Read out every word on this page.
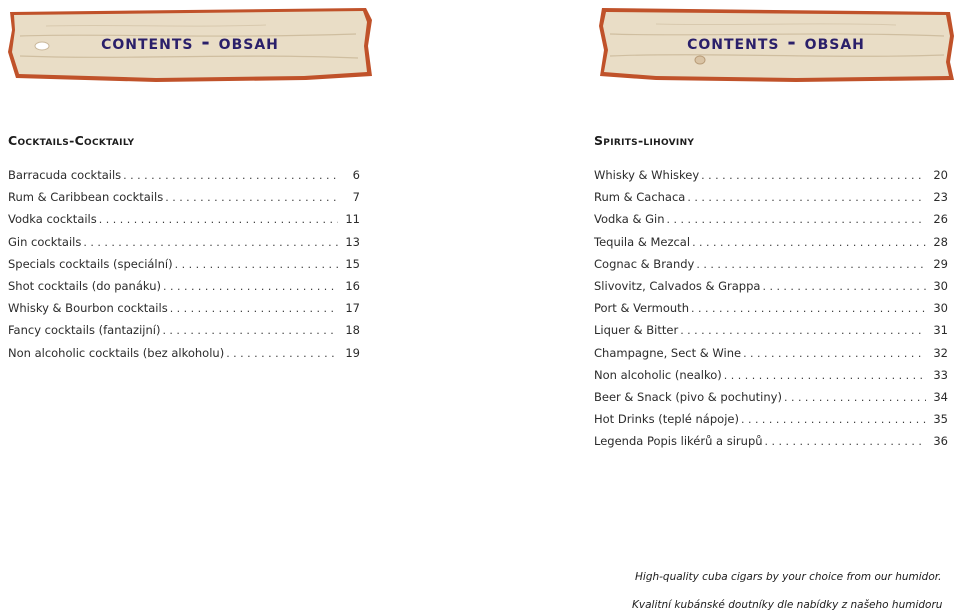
contents - obsah
Cocktails-Cocktaily
Barracuda cocktails . . .	6
Rum & Caribbean cocktails . . .	7
Vodka cocktails . . .	11
Gin cocktails . . .	13
Specials cocktails (speciální) . . .	15
Shot cocktails (do panáku) . . .	16
Whisky & Bourbon cocktails . . .	17
Fancy cocktails (fantazijní) . . .	18
Non alcoholic cocktails (bez alkoholu) . . .	19
contents - obsah
Spirits-lihoviny
Whisky & Whiskey . . .	20
Rum & Cachaca . . .	23
Vodka & Gin . . .	26
Tequila & Mezcal . . .	28
Cognac & Brandy . . .	29
Slivovitz, Calvados & Grappa . . .	30
Port & Vermouth . . .	30
Liquer & Bitter . . .	31
Champagne, Sect & Wine . . .	32
Non alcoholic (nealko) . . .	33
Beer & Snack (pivo & pochutiny) . . .	34
Hot Drinks (teplé nápoje) . . .	35
Legenda Popis likérů a sirupů . . .	36
High-quality cuba cigars by your choice from our humidor.
Kvalitní kubánské doutníky dle nabídky z našeho humidoru
